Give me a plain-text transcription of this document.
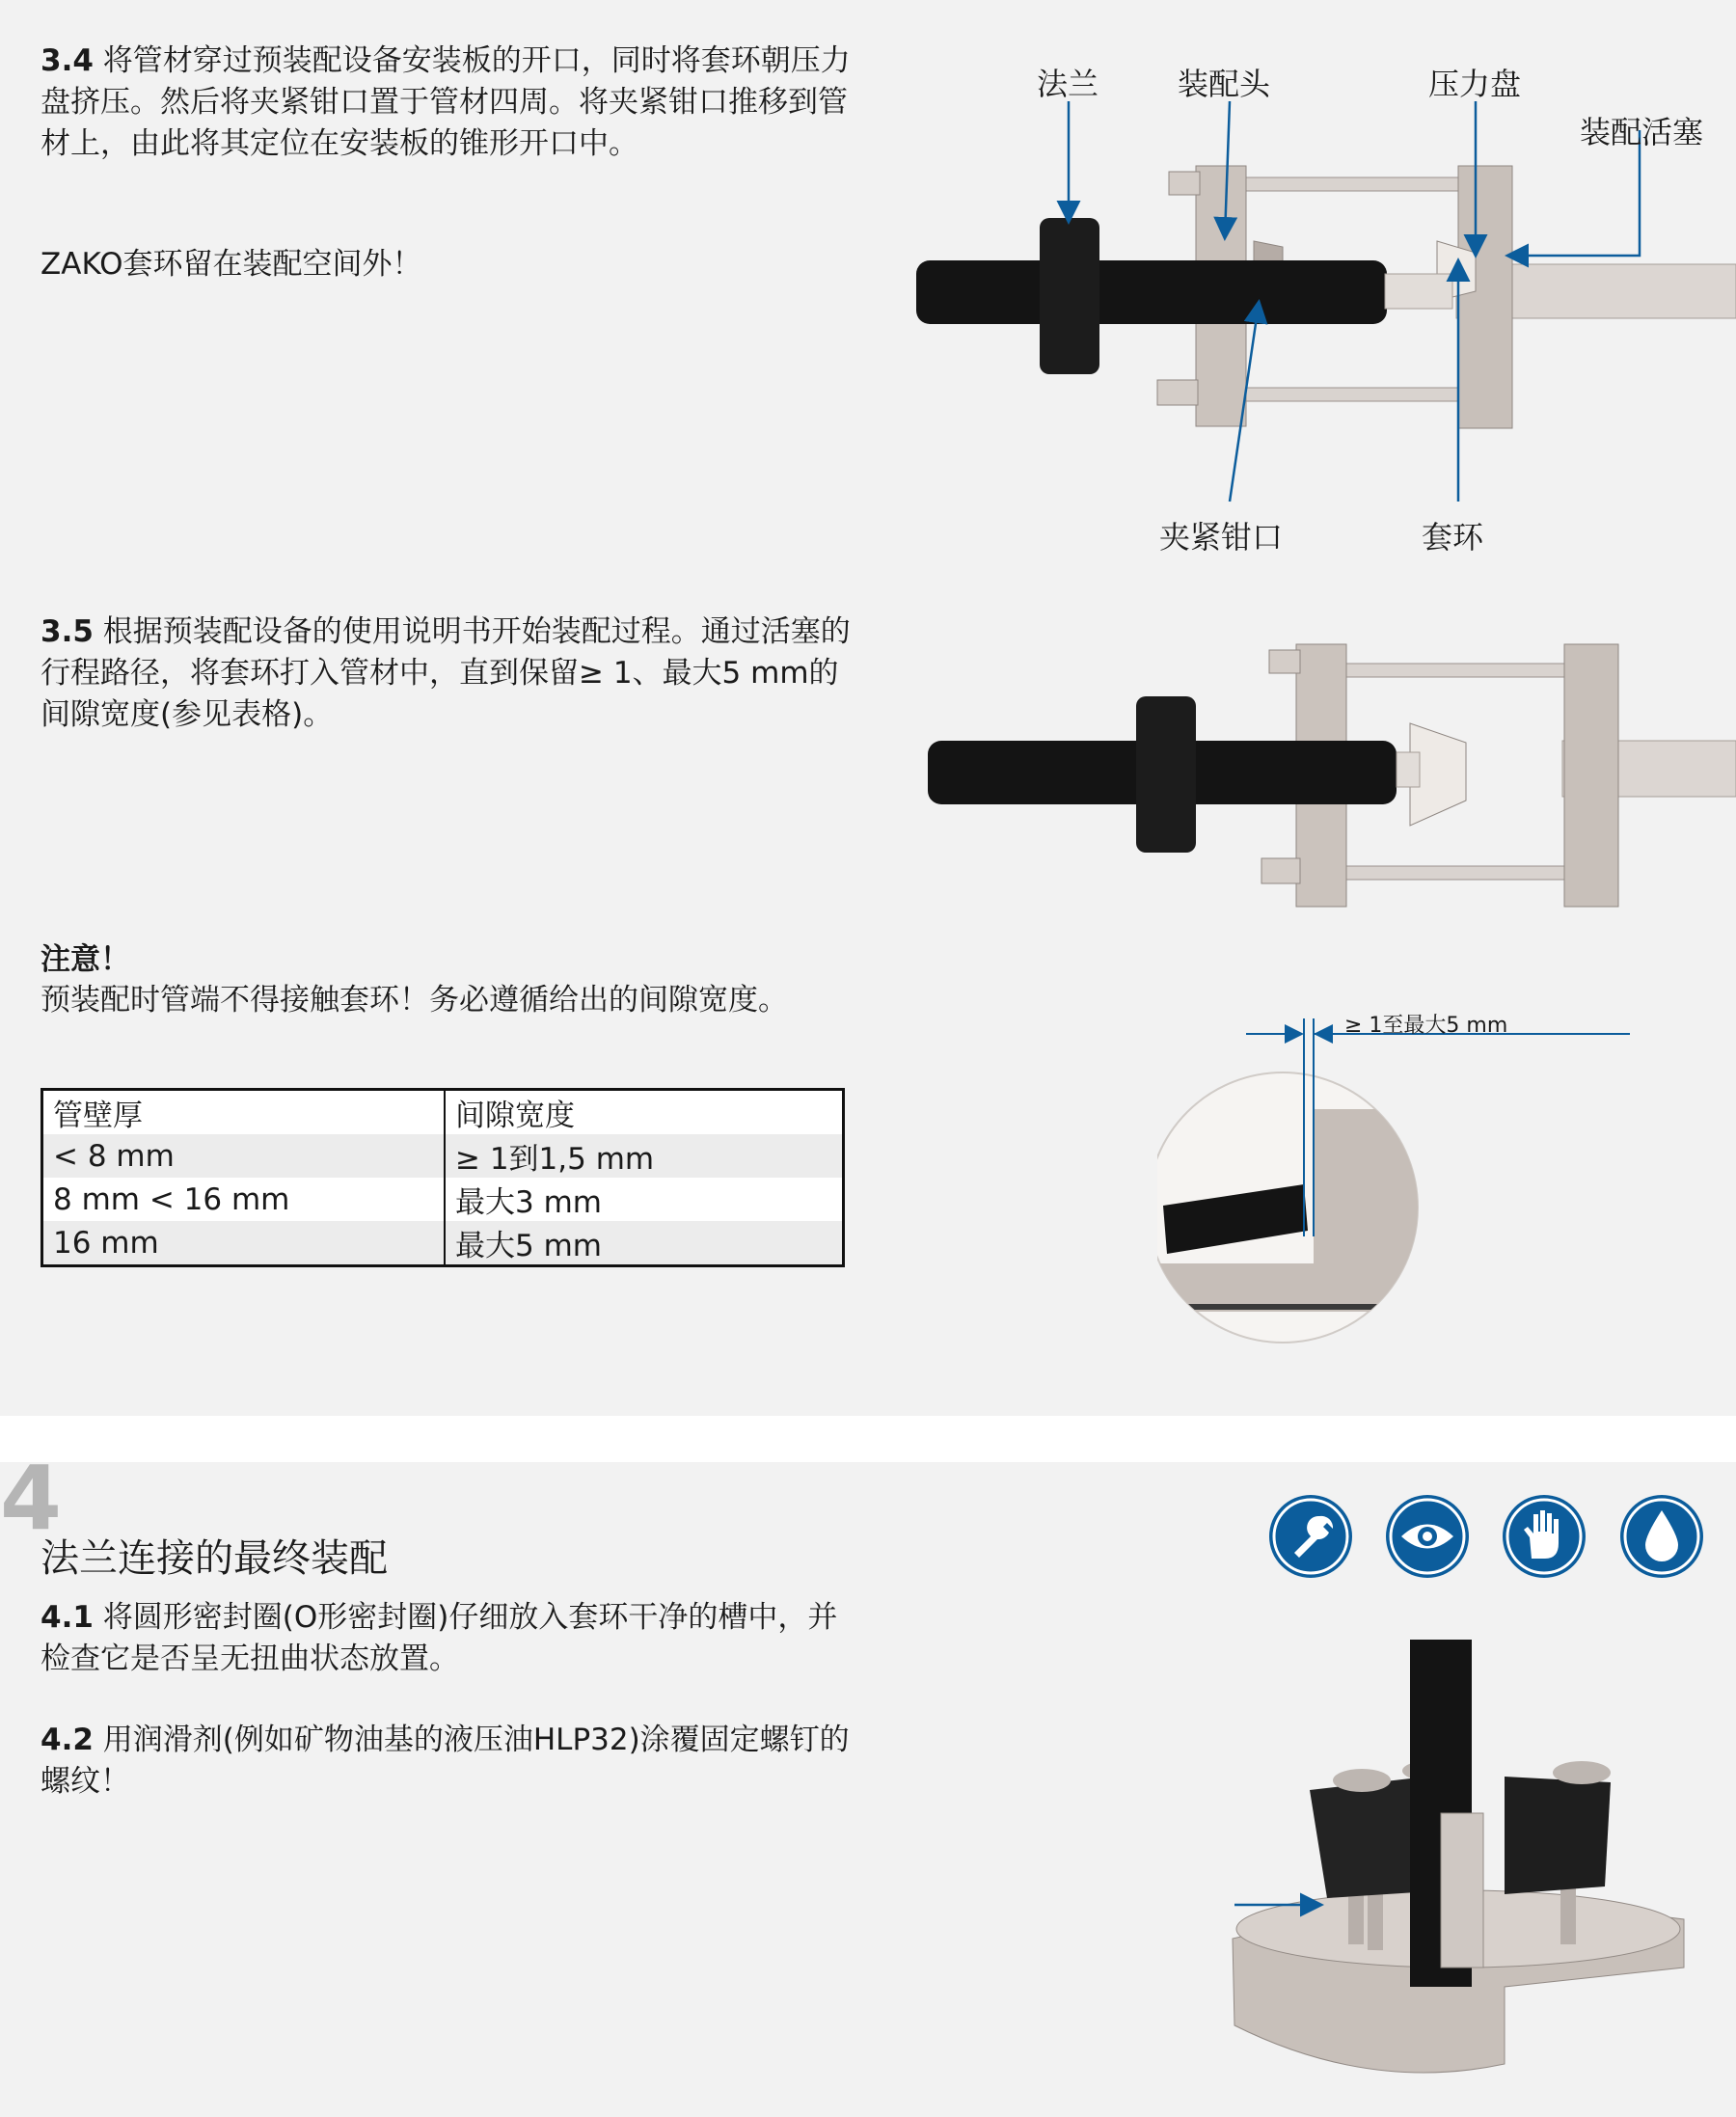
3.4 将管材穿过预装配设备安装板的开口，同时将套环朝压力盘挤压。然后将夹紧钳口置于管材四周。将夹紧钳口推移到管材上，由此将其定位在安装板的锥形开口中。

ZAKO套环留在装配空间外！

法兰	装配头	压力盘
装配活塞
夹紧钳口	套环

3.5 根据预装配设备的使用说明书开始装配过程。通过活塞的行程路径，将套环打入管材中，直到保留≥ 1、最大5 mm的间隙宽度(参见表格)。

注意！

预装配时管端不得接触套环！务必遵循给出的间隙宽度。

管壁厚	间隙宽度
< 8 mm	≥ 1到1,5 mm
8 mm < 16 mm	最大3 mm
16 mm	最大5 mm
≥ 1至最大5 mm
4
法兰连接的最终装配

4.1 将圆形密封圈(O形密封圈)仔细放入套环干净的槽中，并检查它是否呈无扭曲状态放置。

4.2 用润滑剂(例如矿物油基的液压油HLP32)涂覆固定螺钉的螺纹！
